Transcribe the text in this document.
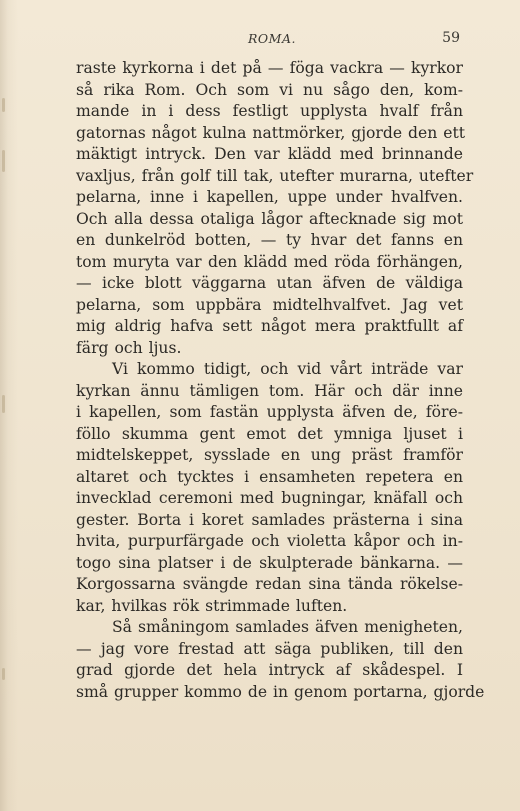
ROMA.	59
raste kyrkorna i det på — föga vackra — kyrkor
så rika Rom. Och som vi nu sågo den, kom-
mande in i dess festligt upplysta hvalf från
gatornas något kulna nattmörker, gjorde den ett
mäktigt intryck. Den var klädd med brinnande
vaxljus, från golf till tak, utefter murarna, utefter
pelarna, inne i kapellen, uppe under hvalfven.
Och alla dessa otaliga lågor aftecknade sig mot
en dunkelröd botten, — ty hvar det fanns en
tom muryta var den klädd med röda förhängen,
— icke blott väggarna utan äfven de väldiga
pelarna, som uppbära midtelhvalfvet. Jag vet
mig aldrig hafva sett något mera praktfullt af
färg och ljus.
Vi kommo tidigt, och vid vårt inträde var
kyrkan ännu tämligen tom. Här och där inne
i kapellen, som fastän upplysta äfven de, före-
föllo skumma gent emot det ymniga ljuset i
midtelskeppet, sysslade en ung präst framför
altaret och tycktes i ensamheten repetera en
invecklad ceremoni med bugningar, knäfall och
gester. Borta i koret samlades prästerna i sina
hvita, purpurfärgade och violetta kåpor och in-
togo sina platser i de skulpterade bänkarna. —
Korgossarna svängde redan sina tända rökelse-
kar, hvilkas rök strimmade luften.
Så småningom samlades äfven menigheten,
— jag vore frestad att säga publiken, till den
grad gjorde det hela intryck af skådespel. I
små grupper kommo de in genom portarna, gjorde
